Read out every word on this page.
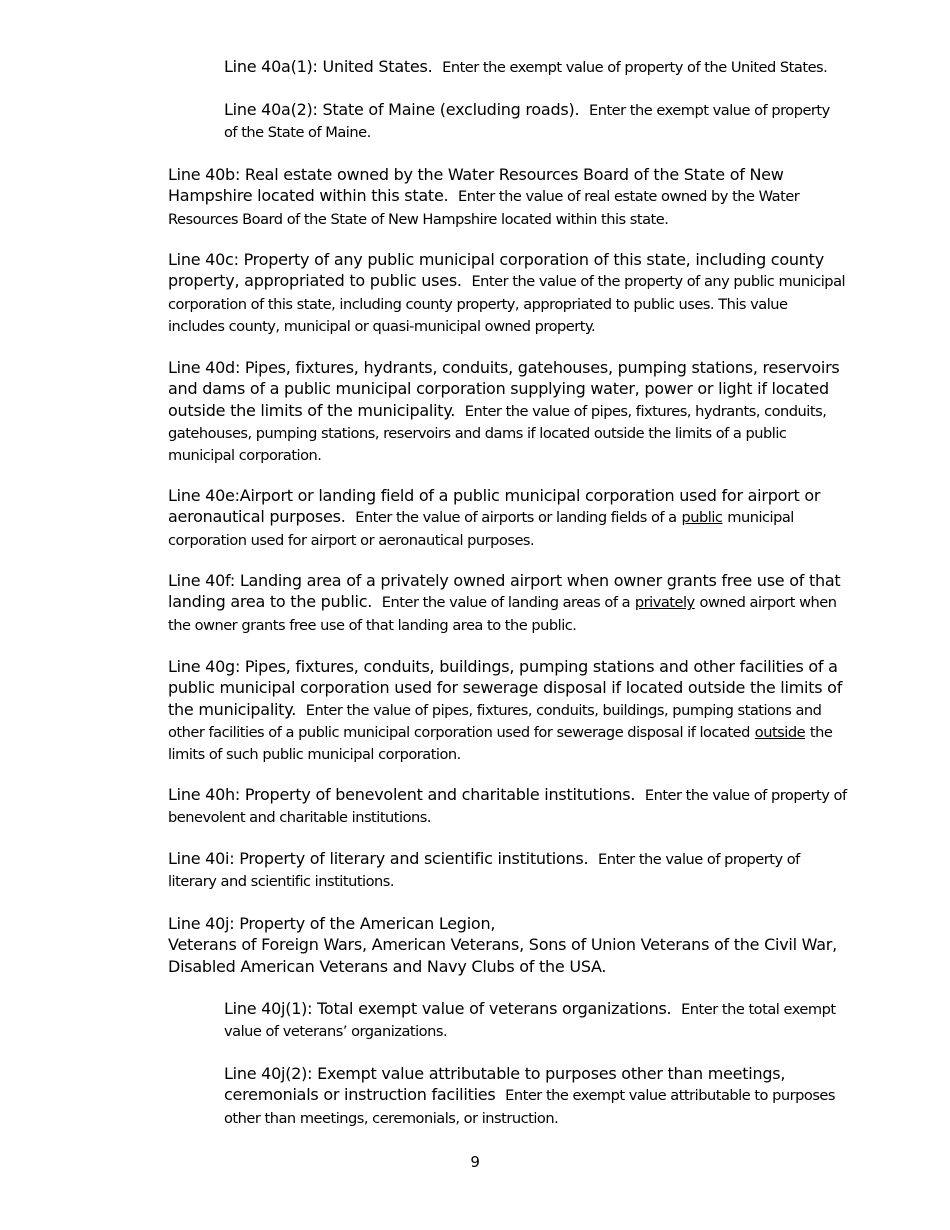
Line 40a(1): United States. Enter the exempt value of property of the United States.

Line 40a(2): State of Maine (excluding roads). Enter the exempt value of property of the State of Maine.

Line 40b: Real estate owned by the Water Resources Board of the State of New Hampshire located within this state. Enter the value of real estate owned by the Water Resources Board of the State of New Hampshire located within this state.

Line 40c: Property of any public municipal corporation of this state, including county property, appropriated to public uses. Enter the value of the property of any public municipal corporation of this state, including county property, appropriated to public uses. This value includes county, municipal or quasi-municipal owned property.

Line 40d: Pipes, fixtures, hydrants, conduits, gatehouses, pumping stations, reservoirs and dams of a public municipal corporation supplying water, power or light if located outside the limits of the municipality. Enter the value of pipes, fixtures, hydrants, conduits, gatehouses, pumping stations, reservoirs and dams if located outside the limits of a public municipal corporation.

Line 40e:Airport or landing field of a public municipal corporation used for airport or aeronautical purposes. Enter the value of airports or landing fields of a public municipal corporation used for airport or aeronautical purposes.

Line 40f: Landing area of a privately owned airport when owner grants free use of that landing area to the public. Enter the value of landing areas of a privately owned airport when the owner grants free use of that landing area to the public.

Line 40g: Pipes, fixtures, conduits, buildings, pumping stations and other facilities of a public municipal corporation used for sewerage disposal if located outside the limits of the municipality. Enter the value of pipes, fixtures, conduits, buildings, pumping stations and other facilities of a public municipal corporation used for sewerage disposal if located outside the limits of such public municipal corporation.

Line 40h: Property of benevolent and charitable institutions. Enter the value of property of benevolent and charitable institutions.

Line 40i: Property of literary and scientific institutions. Enter the value of property of literary and scientific institutions.

Line 40j: Property of the American Legion,
Veterans of Foreign Wars, American Veterans, Sons of Union Veterans of the Civil War, Disabled American Veterans and Navy Clubs of the USA.

Line 40j(1): Total exempt value of veterans organizations. Enter the total exempt value of veterans’ organizations.

Line 40j(2): Exempt value attributable to purposes other than meetings, ceremonials or instruction facilities Enter the exempt value attributable to purposes other than meetings, ceremonials, or instruction.

9
